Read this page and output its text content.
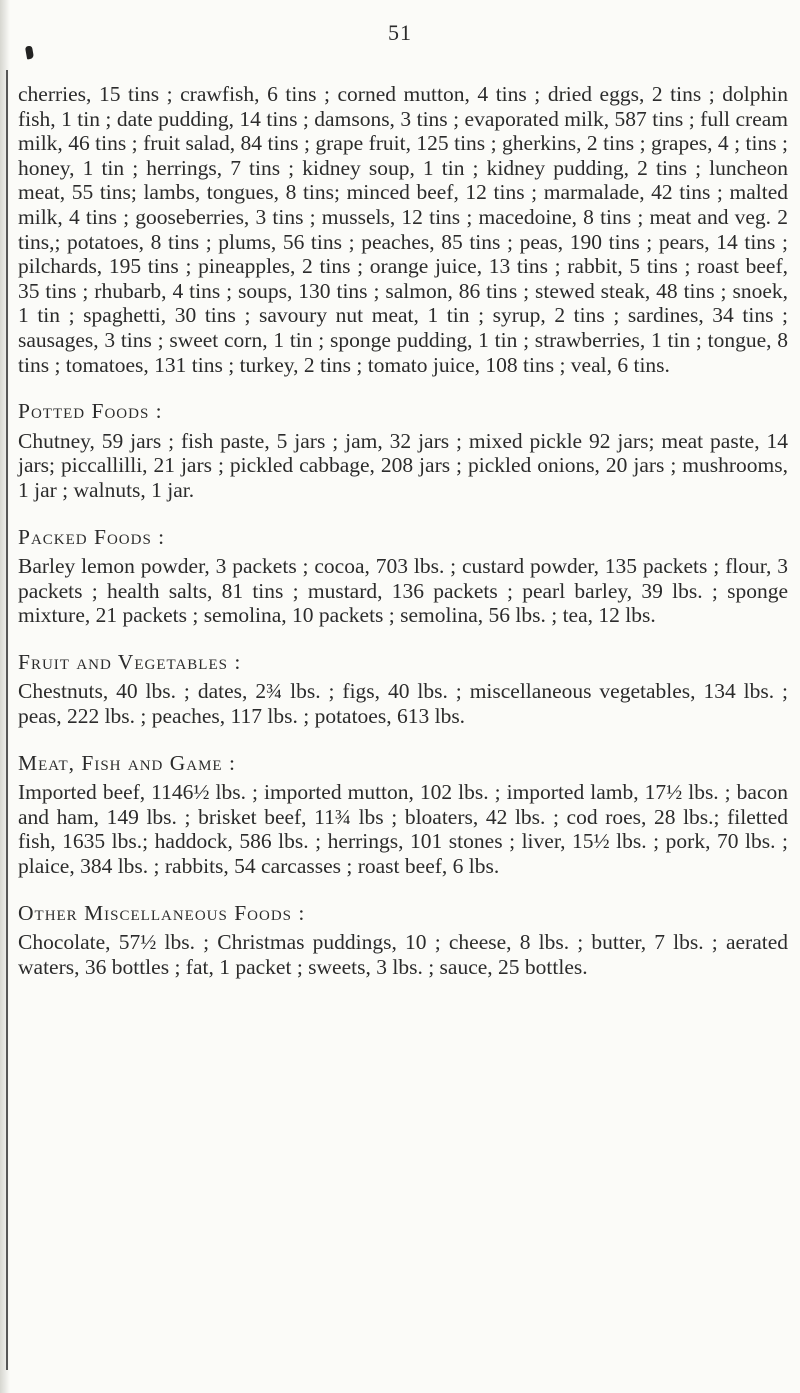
51

cherries, 15 tins ; crawfish, 6 tins ; corned mutton, 4 tins ; dried eggs, 2 tins ; dolphin fish, 1 tin ; date pudding, 14 tins ; damsons, 3 tins ; evaporated milk, 587 tins ; full cream milk, 46 tins ; fruit salad, 84 tins ; grape fruit, 125 tins ; gherkins, 2 tins ; grapes, 4 ; tins ; honey, 1 tin ; herrings, 7 tins ; kidney soup, 1 tin ; kidney pudding, 2 tins ; luncheon meat, 55 tins; lambs, tongues, 8 tins; minced beef, 12 tins ; marmalade, 42 tins ; malted milk, 4 tins ; gooseberries, 3 tins ; mussels, 12 tins ; macedoine, 8 tins ; meat and veg. 2 tins,; potatoes, 8 tins ; plums, 56 tins ; peaches, 85 tins ; peas, 190 tins ; pears, 14 tins ; pilchards, 195 tins ; pineapples, 2 tins ; orange juice, 13 tins ; rabbit, 5 tins ; roast beef, 35 tins ; rhubarb, 4 tins ; soups, 130 tins ; salmon, 86 tins ; stewed steak, 48 tins ; snoek, 1 tin ; spaghetti, 30 tins ; savoury nut meat, 1 tin ; syrup, 2 tins ; sardines, 34 tins ; sausages, 3 tins ; sweet corn, 1 tin ; sponge pudding, 1 tin ; strawberries, 1 tin ; tongue, 8 tins ; tomatoes, 131 tins ; turkey, 2 tins ; tomato juice, 108 tins ; veal, 6 tins.

Potted Foods :

Chutney, 59 jars ; fish paste, 5 jars ; jam, 32 jars ; mixed pickle 92 jars; meat paste, 14 jars; piccallilli, 21 jars ; pickled cabbage, 208 jars ; pickled onions, 20 jars ; mushrooms, 1 jar ; walnuts, 1 jar.

Packed Foods :

Barley lemon powder, 3 packets ; cocoa, 703 lbs. ; custard powder, 135 packets ; flour, 3 packets ; health salts, 81 tins ; mustard, 136 packets ; pearl barley, 39 lbs. ; sponge mixture, 21 packets ; semolina, 10 packets ; semolina, 56 lbs. ; tea, 12 lbs.

Fruit and Vegetables :

Chestnuts, 40 lbs. ; dates, 2¾ lbs. ; figs, 40 lbs. ; miscellaneous vegetables, 134 lbs. ; peas, 222 lbs. ; peaches, 117 lbs. ; potatoes, 613 lbs.

Meat, Fish and Game :

Imported beef, 1146½ lbs. ; imported mutton, 102 lbs. ; imported lamb, 17½ lbs. ; bacon and ham, 149 lbs. ; brisket beef, 11¾ lbs ; bloaters, 42 lbs. ; cod roes, 28 lbs.; filetted fish, 1635 lbs.; haddock, 586 lbs. ; herrings, 101 stones ; liver, 15½ lbs. ; pork, 70 lbs. ; plaice, 384 lbs. ; rabbits, 54 carcasses ; roast beef, 6 lbs.

Other Miscellaneous Foods :

Chocolate, 57½ lbs. ; Christmas puddings, 10 ; cheese, 8 lbs. ; butter, 7 lbs. ; aerated waters, 36 bottles ; fat, 1 packet ; sweets, 3 lbs. ; sauce, 25 bottles.
